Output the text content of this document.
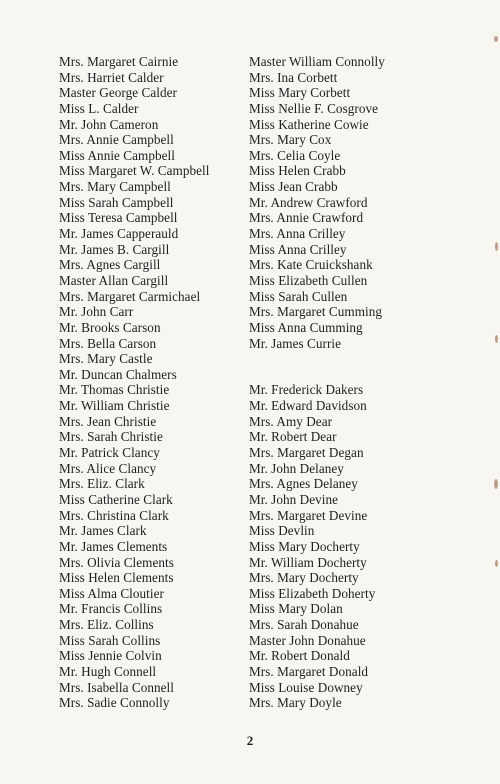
Mrs. Margaret Cairnie
Mrs. Harriet Calder
Master George Calder
Miss L. Calder
Mr. John Cameron
Mrs. Annie Campbell
Miss Annie Campbell
Miss Margaret W. Campbell
Mrs. Mary Campbell
Miss Sarah Campbell
Miss Teresa Campbell
Mr. James Capperauld
Mr. James B. Cargill
Mrs. Agnes Cargill
Master Allan Cargill
Mrs. Margaret Carmichael
Mr. John Carr
Mr. Brooks Carson
Mrs. Bella Carson
Mrs. Mary Castle
Mr. Duncan Chalmers
Mr. Thomas Christie
Mr. William Christie
Mrs. Jean Christie
Mrs. Sarah Christie
Mr. Patrick Clancy
Mrs. Alice Clancy
Mrs. Eliz. Clark
Miss Catherine Clark
Mrs. Christina Clark
Mr. James Clark
Mr. James Clements
Mrs. Olivia Clements
Miss Helen Clements
Miss Alma Cloutier
Mr. Francis Collins
Mrs. Eliz. Collins
Miss Sarah Collins
Miss Jennie Colvin
Mr. Hugh Connell
Mrs. Isabella Connell
Mrs. Sadie Connolly
Master William Connolly
Mrs. Ina Corbett
Miss Mary Corbett
Miss Nellie F. Cosgrove
Miss Katherine Cowie
Mrs. Mary Cox
Mrs. Celia Coyle
Miss Helen Crabb
Miss Jean Crabb
Mr. Andrew Crawford
Mrs. Annie Crawford
Mrs. Anna Crilley
Miss Anna Crilley
Mrs. Kate Cruickshank
Miss Elizabeth Cullen
Miss Sarah Cullen
Mrs. Margaret Cumming
Miss Anna Cumming
Mr. James Currie
Mr. Frederick Dakers
Mr. Edward Davidson
Mrs. Amy Dear
Mr. Robert Dear
Mrs. Margaret Degan
Mr. John Delaney
Mrs. Agnes Delaney
Mr. John Devine
Mrs. Margaret Devine
Miss Devlin
Miss Mary Docherty
Mr. William Docherty
Mrs. Mary Docherty
Miss Elizabeth Doherty
Miss Mary Dolan
Mrs. Sarah Donahue
Master John Donahue
Mr. Robert Donald
Mrs. Margaret Donald
Miss Louise Downey
Mrs. Mary Doyle
2
